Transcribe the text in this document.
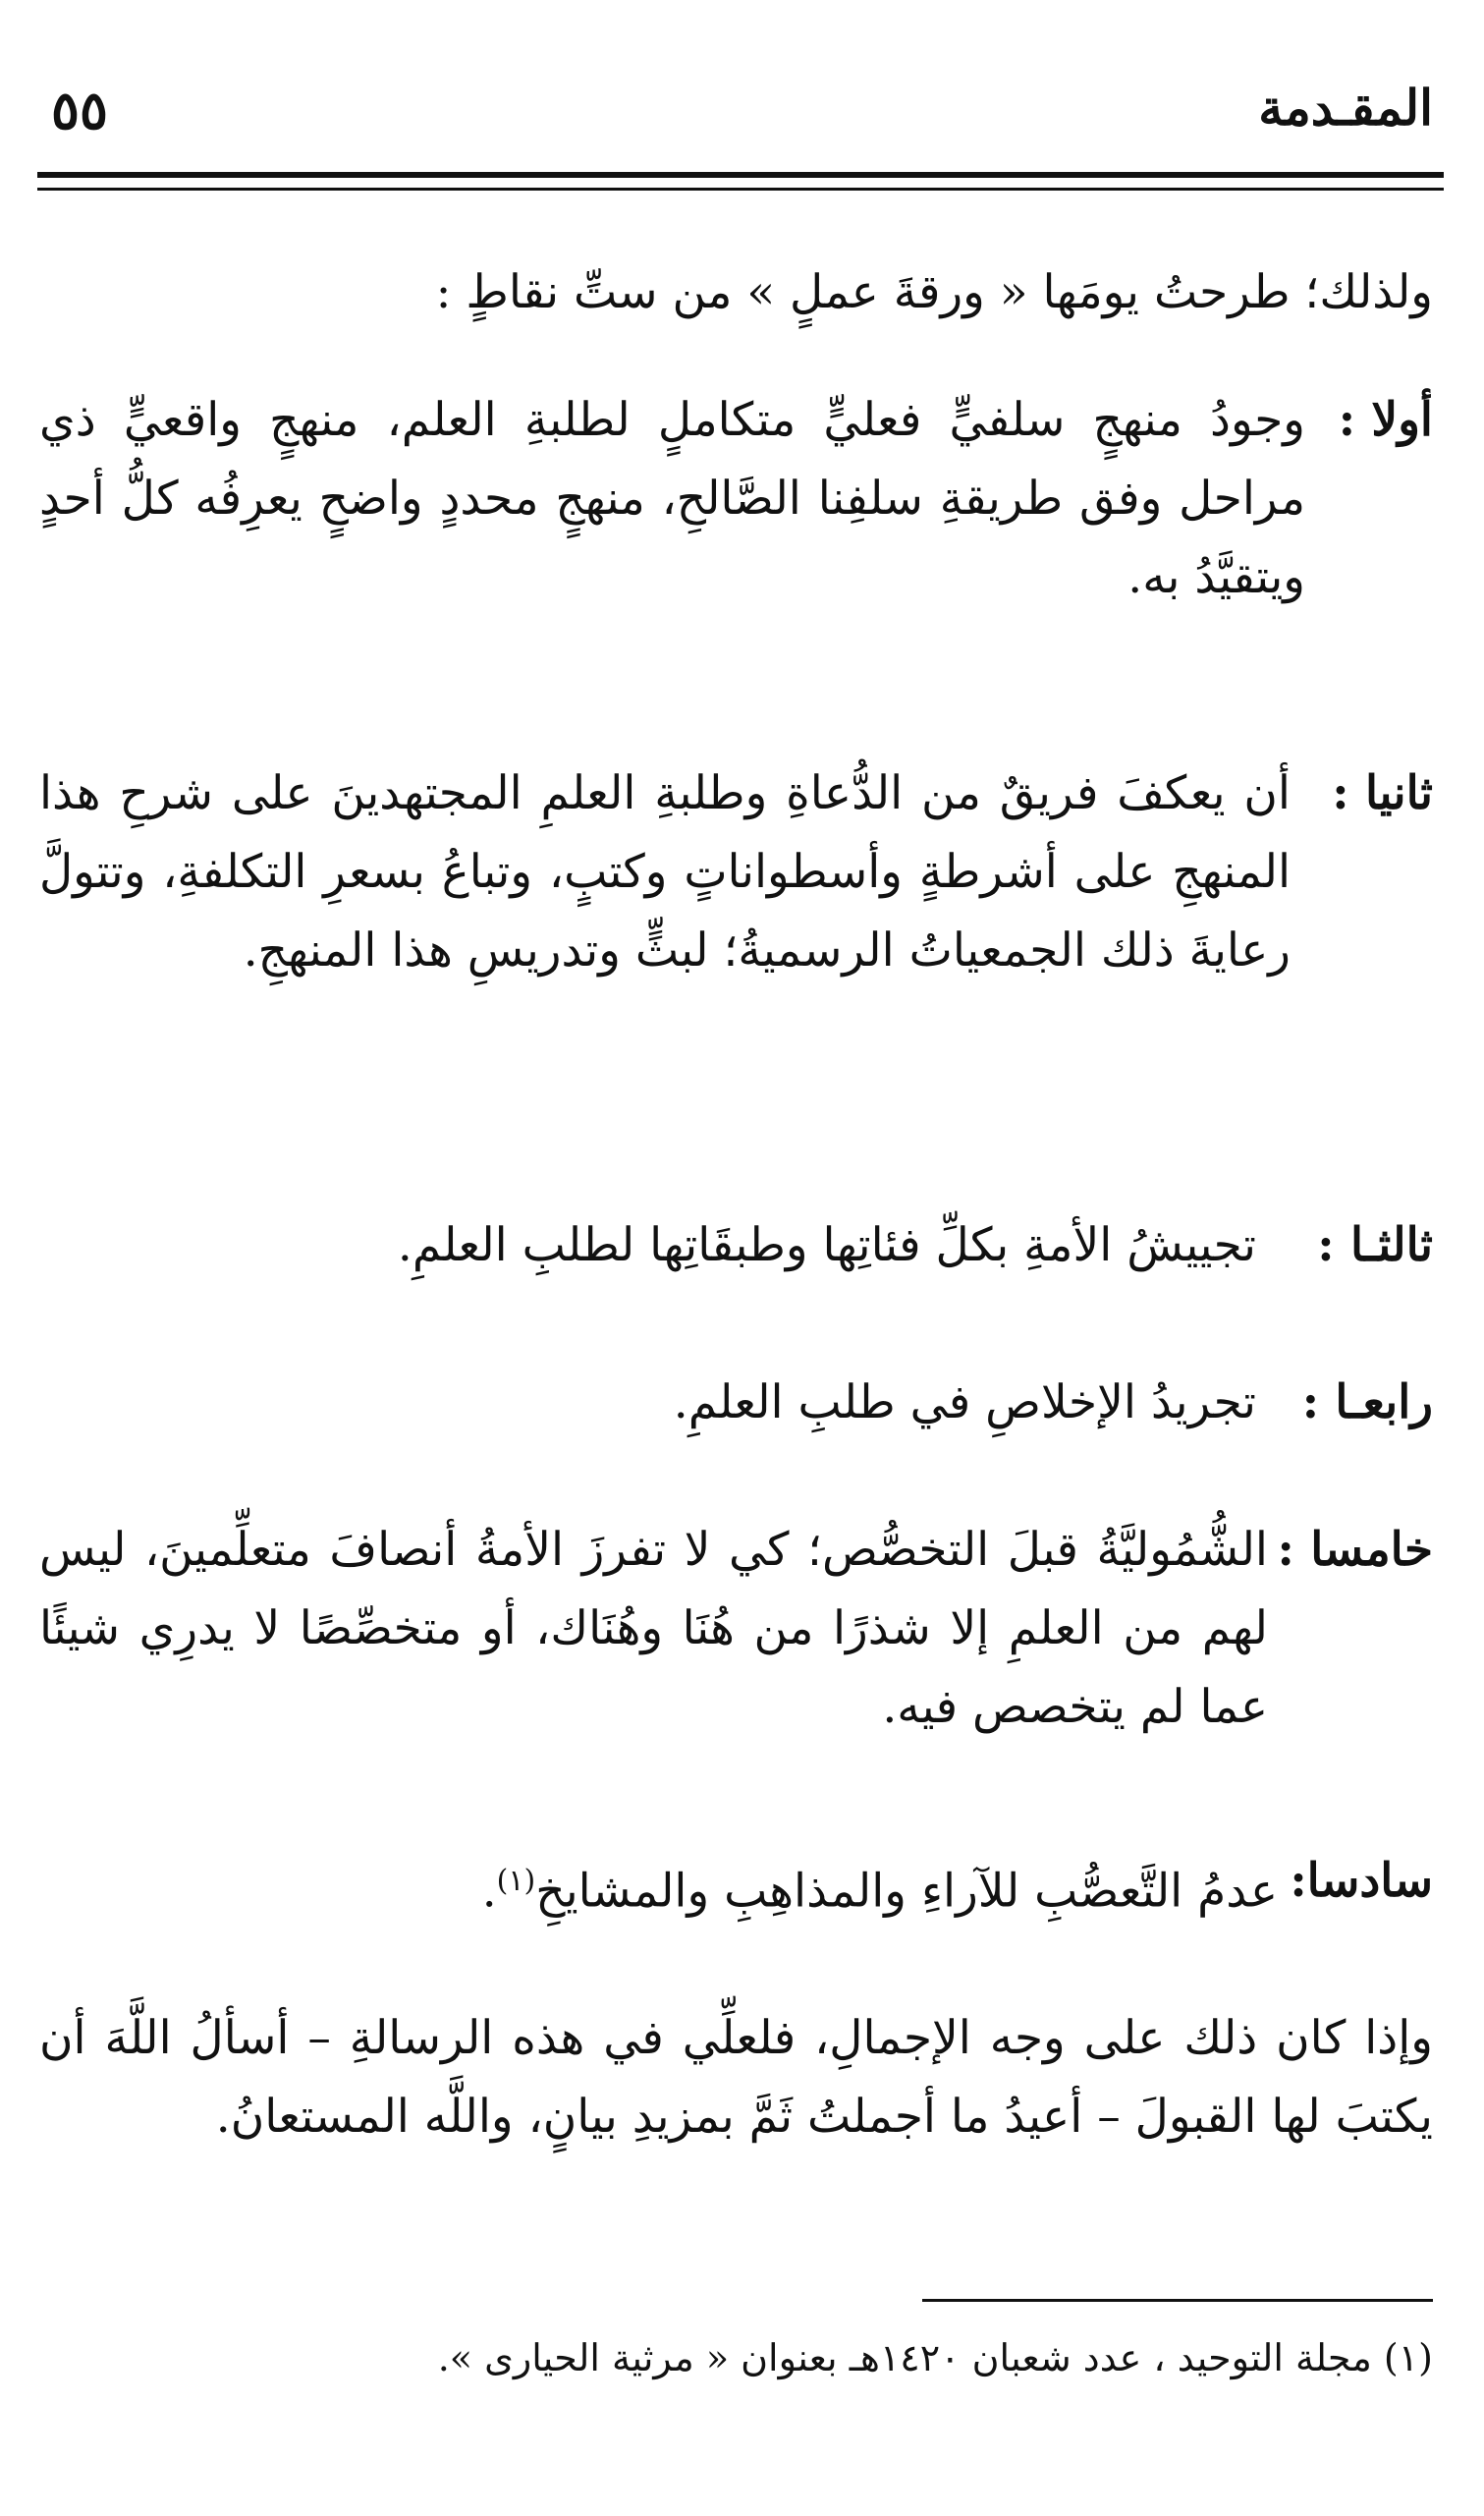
المقـدمة
٥٥
ولذلك؛ طرحتُ يومَها « ورقةَ عملٍ » من ستِّ نقاطٍ :
أولا :
وجودُ منهجٍ سلفيٍّ فعليٍّ متكاملٍ لطلبةِ العلم، منهجٍ واقعيٍّ ذي مراحل وفق طريقةِ سلفِنا الصَّالحِ، منهجٍ محددٍ واضحٍ يعرِفُه كلُّ أحدٍ ويتقيَّدُ به.
ثانيا :
أن يعكفَ فريقٌ من الدُّعاةِ وطلبةِ العلمِ المجتهدينَ على شرحِ هذا المنهجِ على أشرطةٍ وأسطواناتٍ وكتبٍ، وتباعُ بسعرِ التكلفةِ، وتتولَّ رعايةَ ذلك الجمعياتُ الرسميةُ؛ لبثٍّ وتدريسِ هذا المنهجِ.
ثالثـا :
تجييشُ الأمةِ بكلِّ فئاتِها وطبقَاتِها لطلبِ العلمِ.
رابعـا :
تجريدُ الإخلاصِ في طلبِ العلمِ.
خامسا :
الشُّمُوليَّةُ قبلَ التخصُّص؛ كي لا تفرزَ الأمةُ أنصافَ متعلِّمينَ، ليس لهم من العلمِ إلا شذرًا من هُنَا وهُنَاك، أو متخصِّصًا لا يدرِي شيئًا عما لم يتخصص فيه.
سادسا:
عدمُ التَّعصُّبِ للآراءِ والمذاهِبِ والمشايخِ$^{(١)}$.
وإذا كان ذلك على وجه الإجمالِ، فلعلِّي في هذه الرسالةِ – أسألُ اللَّهَ أن يكتبَ لها القبولَ – أعيدُ ما أجملتُ ثَمَّ بمزيدِ بيانٍ، واللَّه المستعانُ.
(١) مجلة التوحيد ، عدد شعبان ١٤٢٠هـ بعنوان « مرثية الحيارى ».
